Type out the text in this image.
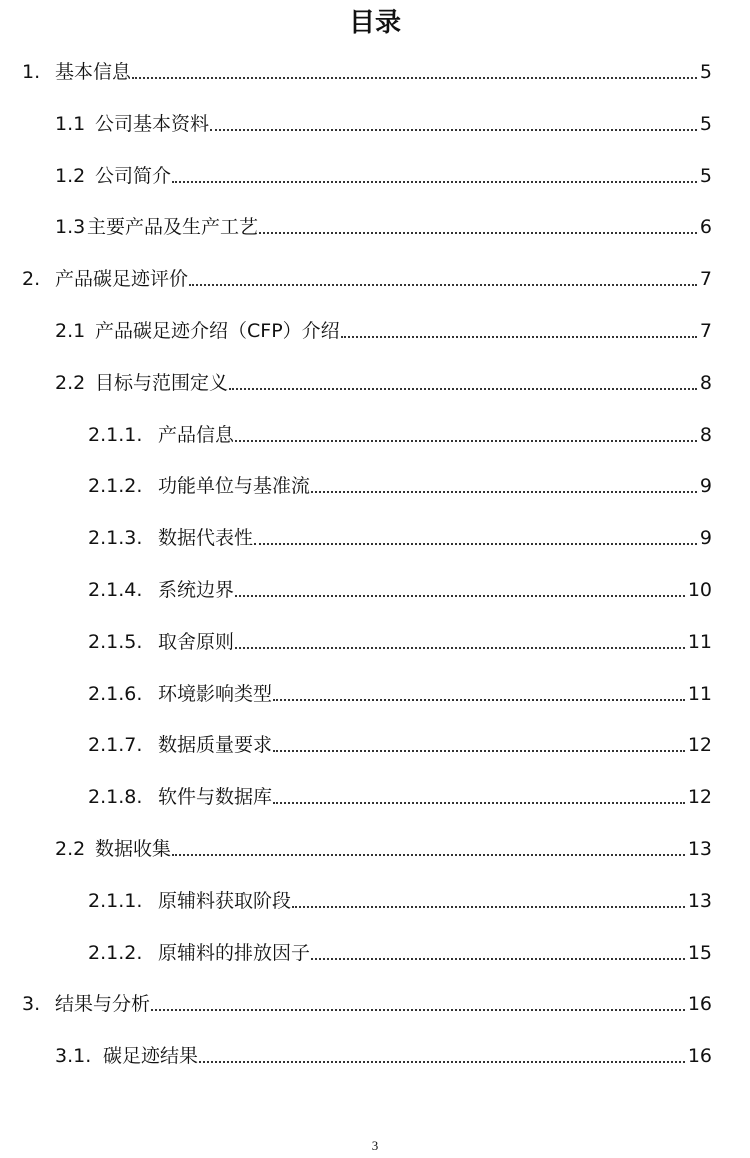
目录
1. 基本信息	5
1.1 公司基本资料	5
1.2 公司简介	5
1.3 主要产品及生产工艺	6
2. 产品碳足迹评价	7
2.1 产品碳足迹介绍（CFP）介绍	7
2.2 目标与范围定义	8
2.1.1. 产品信息	8
2.1.2. 功能单位与基准流	9
2.1.3. 数据代表性	9
2.1.4. 系统边界	10
2.1.5. 取舍原则	11
2.1.6. 环境影响类型	11
2.1.7. 数据质量要求	12
2.1.8. 软件与数据库	12
2.2 数据收集	13
2.1.1. 原辅料获取阶段	13
2.1.2. 原辅料的排放因子	15
3. 结果与分析	16
3.1. 碳足迹结果	16
3
